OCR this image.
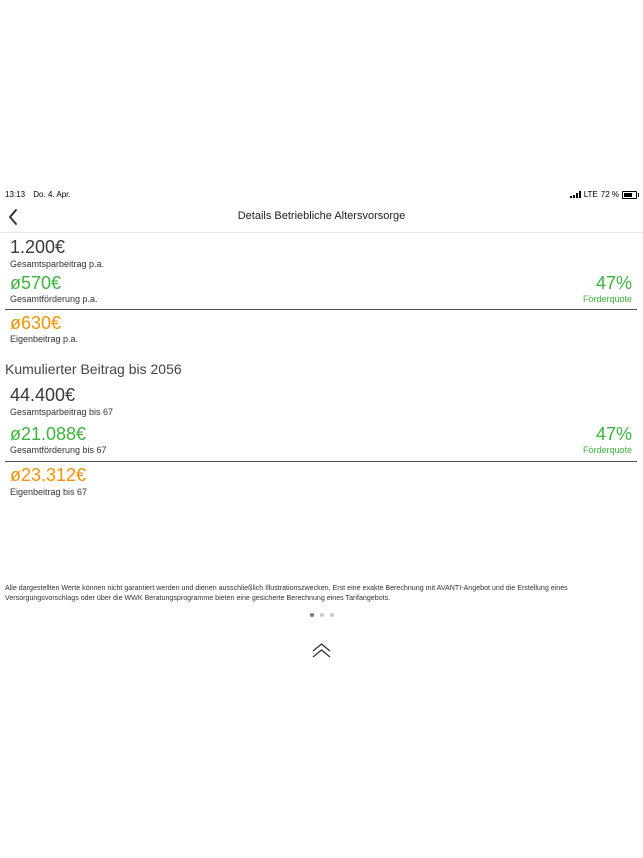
13:13 Do. 4. Apr.	LTE 72 %
Details Betriebliche Altersvorsorge
1.200€
Gesamtsparbeitrag p.a.
ø570€
Gesamtförderung p.a.
47%
Förderquote
ø630€
Eigenbeitrag p.a.
Kumulierter Beitrag bis 2056
44.400€
Gesamtsparbeitrag bis 67
ø21.088€
Gesamtförderung bis 67
47%
Förderquote
ø23.312€
Eigenbeitrag bis 67
Alle dargestellten Werte können nicht garantiert werden und dienen ausschließlich Illustrationszwecken. Erst eine exakte Berechnung mit AVANTI-Angebot und die Erstellung eines Versorgungsvorschlags oder über die WWK Beratungsprogramme bieten eine gesicherte Berechnung eines Tarifangebots.
